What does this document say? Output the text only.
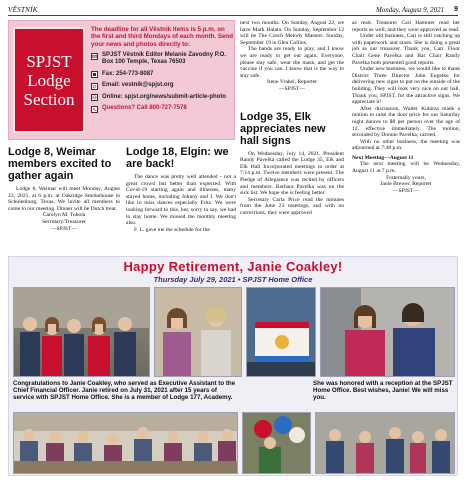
VĚSTNÍK	Monday, August 9, 2021 9
SPJST
Lodge
Section
The deadline for all Věstník items is 5 p.m. on the first and third Mondays of each month. Send your news and photos directly to:
SPJST Věstník Editor Melanie Zavodny P.O. Box 100 Temple, Texas 76503
Fax: 254-773-8087
Email: vestnik@spjst.org
Online: spjst.org/news/submit-article-photo
Questions? Call 800-727-7578
Lodge 8, Weimar members excited to gather again

Lodge 8, Weimar will meet Monday, August 23, 2021, at 6 p.m. at Oakridge Smokehouse in Schulenburg, Texas. We invite all members to come to our meeting. Dinner will be Dutch treat.

Carolyn M. Tobola

Secretary/Treasurer

—SPJST—

Lodge 18, Elgin: we are back!

The dance was pretty well attended - not a great crowd but better than expected. With Covid-19 starting again and illnesses, many stayed home, including Johnny and I. We don't like to miss dances especially Fritz. We were looking forward to this, but, sorry to say, we had to stay home. We missed the monthly meeting also.

F. L. gave me the schedule for the

next two months. On Sunday, August 22, we have Mark Halata. On Sunday, September 12 will be The Czech Melody Masters. Sunday, September 19 is Glen Collins.

The bands are ready to play, and I know we are ready to get out again. Everyone, please stay safe, wear the mask, and get the vaccine if you can. I know that is the way to stay safe.

Irene Vrabel, Reporter

—SPJST—

Lodge 35, Elk appreciates new hall signs

On Wednesday, July 14, 2021, President Randy Pavelka called the Lodge 35, Elk and Elk Hall Incorporated meetings to order at 7:14 p.m. Twelve members were present. The Pledge of Allegiance was recited by officers and members. Barbara Pavelka was on the sick list. We hope she is feeling better.

Secretary Carla Price read the minutes from the June 23 meetings, and with no corrections, they were approved

as read. Treasurer Cari Hammer read her reports as well, and they were approved as read.

Under old business, Cari is still catching up with paperwork and taxes. She is doing a great job as our treasurer. Thank you, Cari. Floor Chair Gene Pavelka and Bar Chair Randy Pavelka both presented good reports.

Under new business, we would like to thank District Three Director John Engelke for delivering new signs to put on the outside of the building. They will look very nice on our hall. Thank you, SPJST, for the attractive signs. We appreciate it!

After discussion, Walter Kubitza made a motion to raise the door price for our Saturday night dances to $8 per person over the age of 12, effective immediately. The motion, seconded by Donnie Pavelka, carried.

With no other business, the meeting was adjourned at 7:48 p.m.

Next Meeting—August 11

The next meeting will be Wednesday, August 11 at 7 p.m.

Fraternally yours,

Janie Brewer, Reporter

—SPJST—

Happy Retirement, Janie Coakley!
Thursday July 29, 2021 • SPJST Home Office
Congratulations to Janie Coakley, who served as Executive Assistant to the Chief Financial Officer. Janie retired on July 31, 2021 after 15 years of service with SPJST Home Office. She is a member of Lodge 177, Academy.
She was honored with a reception at the SPJST Home Office. Best wishes, Janie! We will miss you.
